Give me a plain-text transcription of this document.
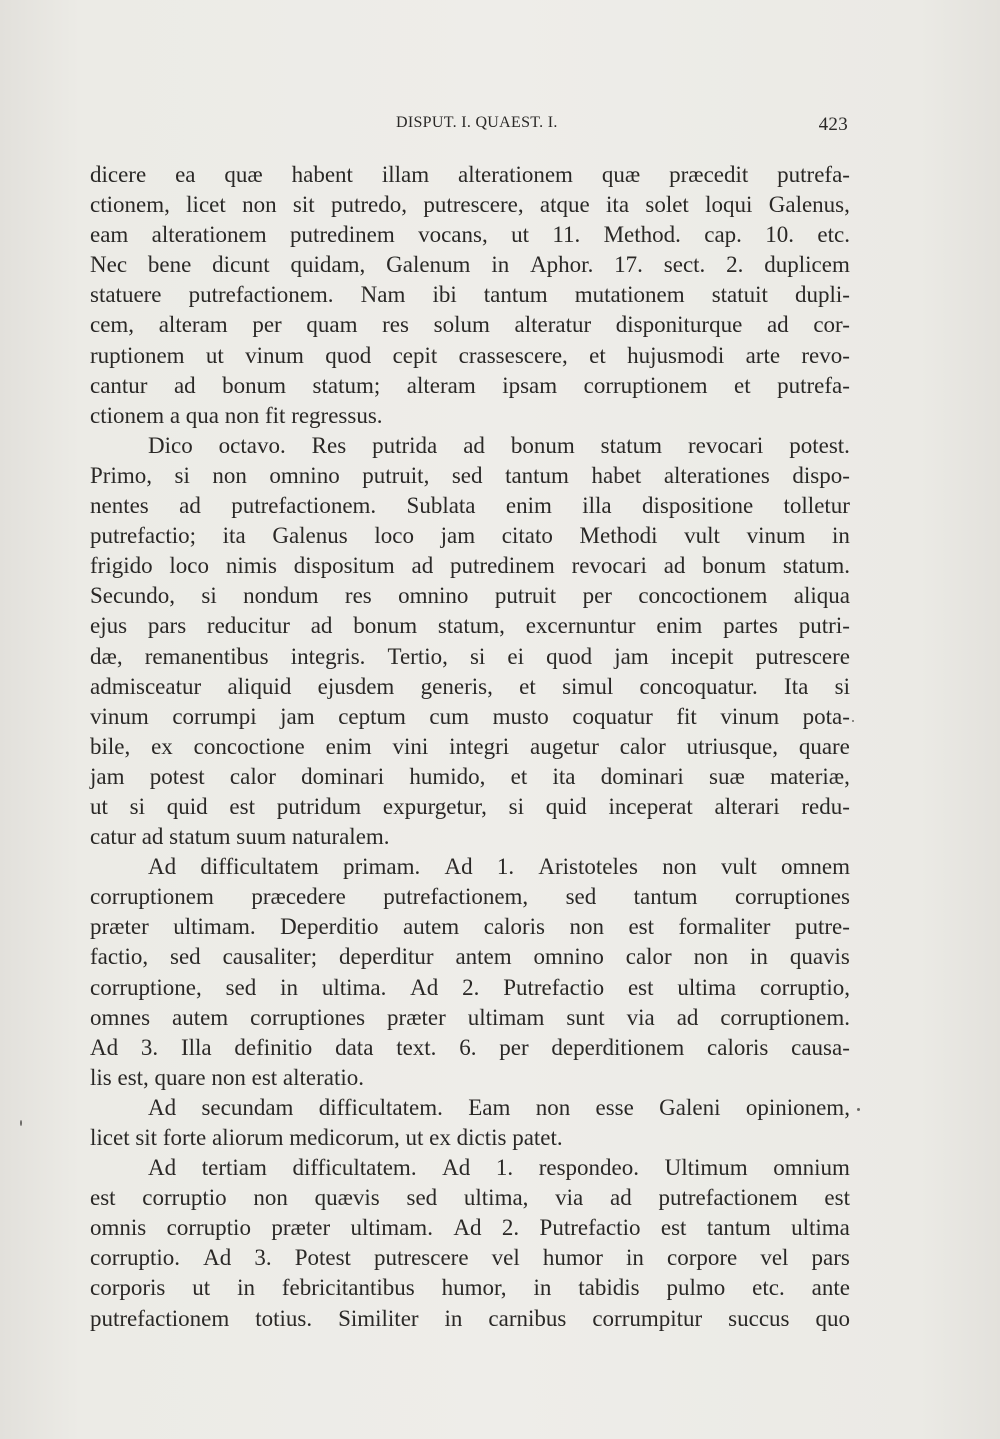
DISPUT. I. QUAEST. I.	423
dicere ea quæ habent illam alterationem quæ præcedit putrefa-
ctionem, licet non sit putredo, putrescere, atque ita solet loqui Galenus,
eam alterationem putredinem vocans, ut 11. Method. cap. 10. etc.
Nec bene dicunt quidam, Galenum in Aphor. 17. sect. 2. duplicem
statuere putrefactionem. Nam ibi tantum mutationem statuit dupli-
cem, alteram per quam res solum alteratur disponiturque ad cor-
ruptionem ut vinum quod cepit crassescere, et hujusmodi arte revo-
cantur ad bonum statum; alteram ipsam corruptionem et putrefa-
ctionem a qua non fit regressus.
Dico octavo. Res putrida ad bonum statum revocari potest.
Primo, si non omnino putruit, sed tantum habet alterationes dispo-
nentes ad putrefactionem. Sublata enim illa dispositione tolletur
putrefactio; ita Galenus loco jam citato Methodi vult vinum in
frigido loco nimis dispositum ad putredinem revocari ad bonum statum.
Secundo, si nondum res omnino putruit per concoctionem aliqua
ejus pars reducitur ad bonum statum, excernuntur enim partes putri-
dæ, remanentibus integris. Tertio, si ei quod jam incepit putrescere
admisceatur aliquid ejusdem generis, et simul concoquatur. Ita si
vinum corrumpi jam ceptum cum musto coquatur fit vinum pota-
bile, ex concoctione enim vini integri augetur calor utriusque, quare
jam potest calor dominari humido, et ita dominari suæ materiæ,
ut si quid est putridum expurgetur, si quid inceperat alterari redu-
catur ad statum suum naturalem.
Ad difficultatem primam. Ad 1. Aristoteles non vult omnem
corruptionem præcedere putrefactionem, sed tantum corruptiones
præter ultimam. Deperditio autem caloris non est formaliter putre-
factio, sed causaliter; deperditur antem omnino calor non in quavis
corruptione, sed in ultima. Ad 2. Putrefactio est ultima corruptio,
omnes autem corruptiones præter ultimam sunt via ad corruptionem.
Ad 3. Illa definitio data text. 6. per deperditionem caloris causa-
lis est, quare non est alteratio.
Ad secundam difficultatem. Eam non esse Galeni opinionem,
licet sit forte aliorum medicorum, ut ex dictis patet.
Ad tertiam difficultatem. Ad 1. respondeo. Ultimum omnium
est corruptio non quævis sed ultima, via ad putrefactionem est
omnis corruptio præter ultimam. Ad 2. Putrefactio est tantum ultima
corruptio. Ad 3. Potest putrescere vel humor in corpore vel pars
corporis ut in febricitantibus humor, in tabidis pulmo etc. ante
putrefactionem totius. Similiter in carnibus corrumpitur succus quo
